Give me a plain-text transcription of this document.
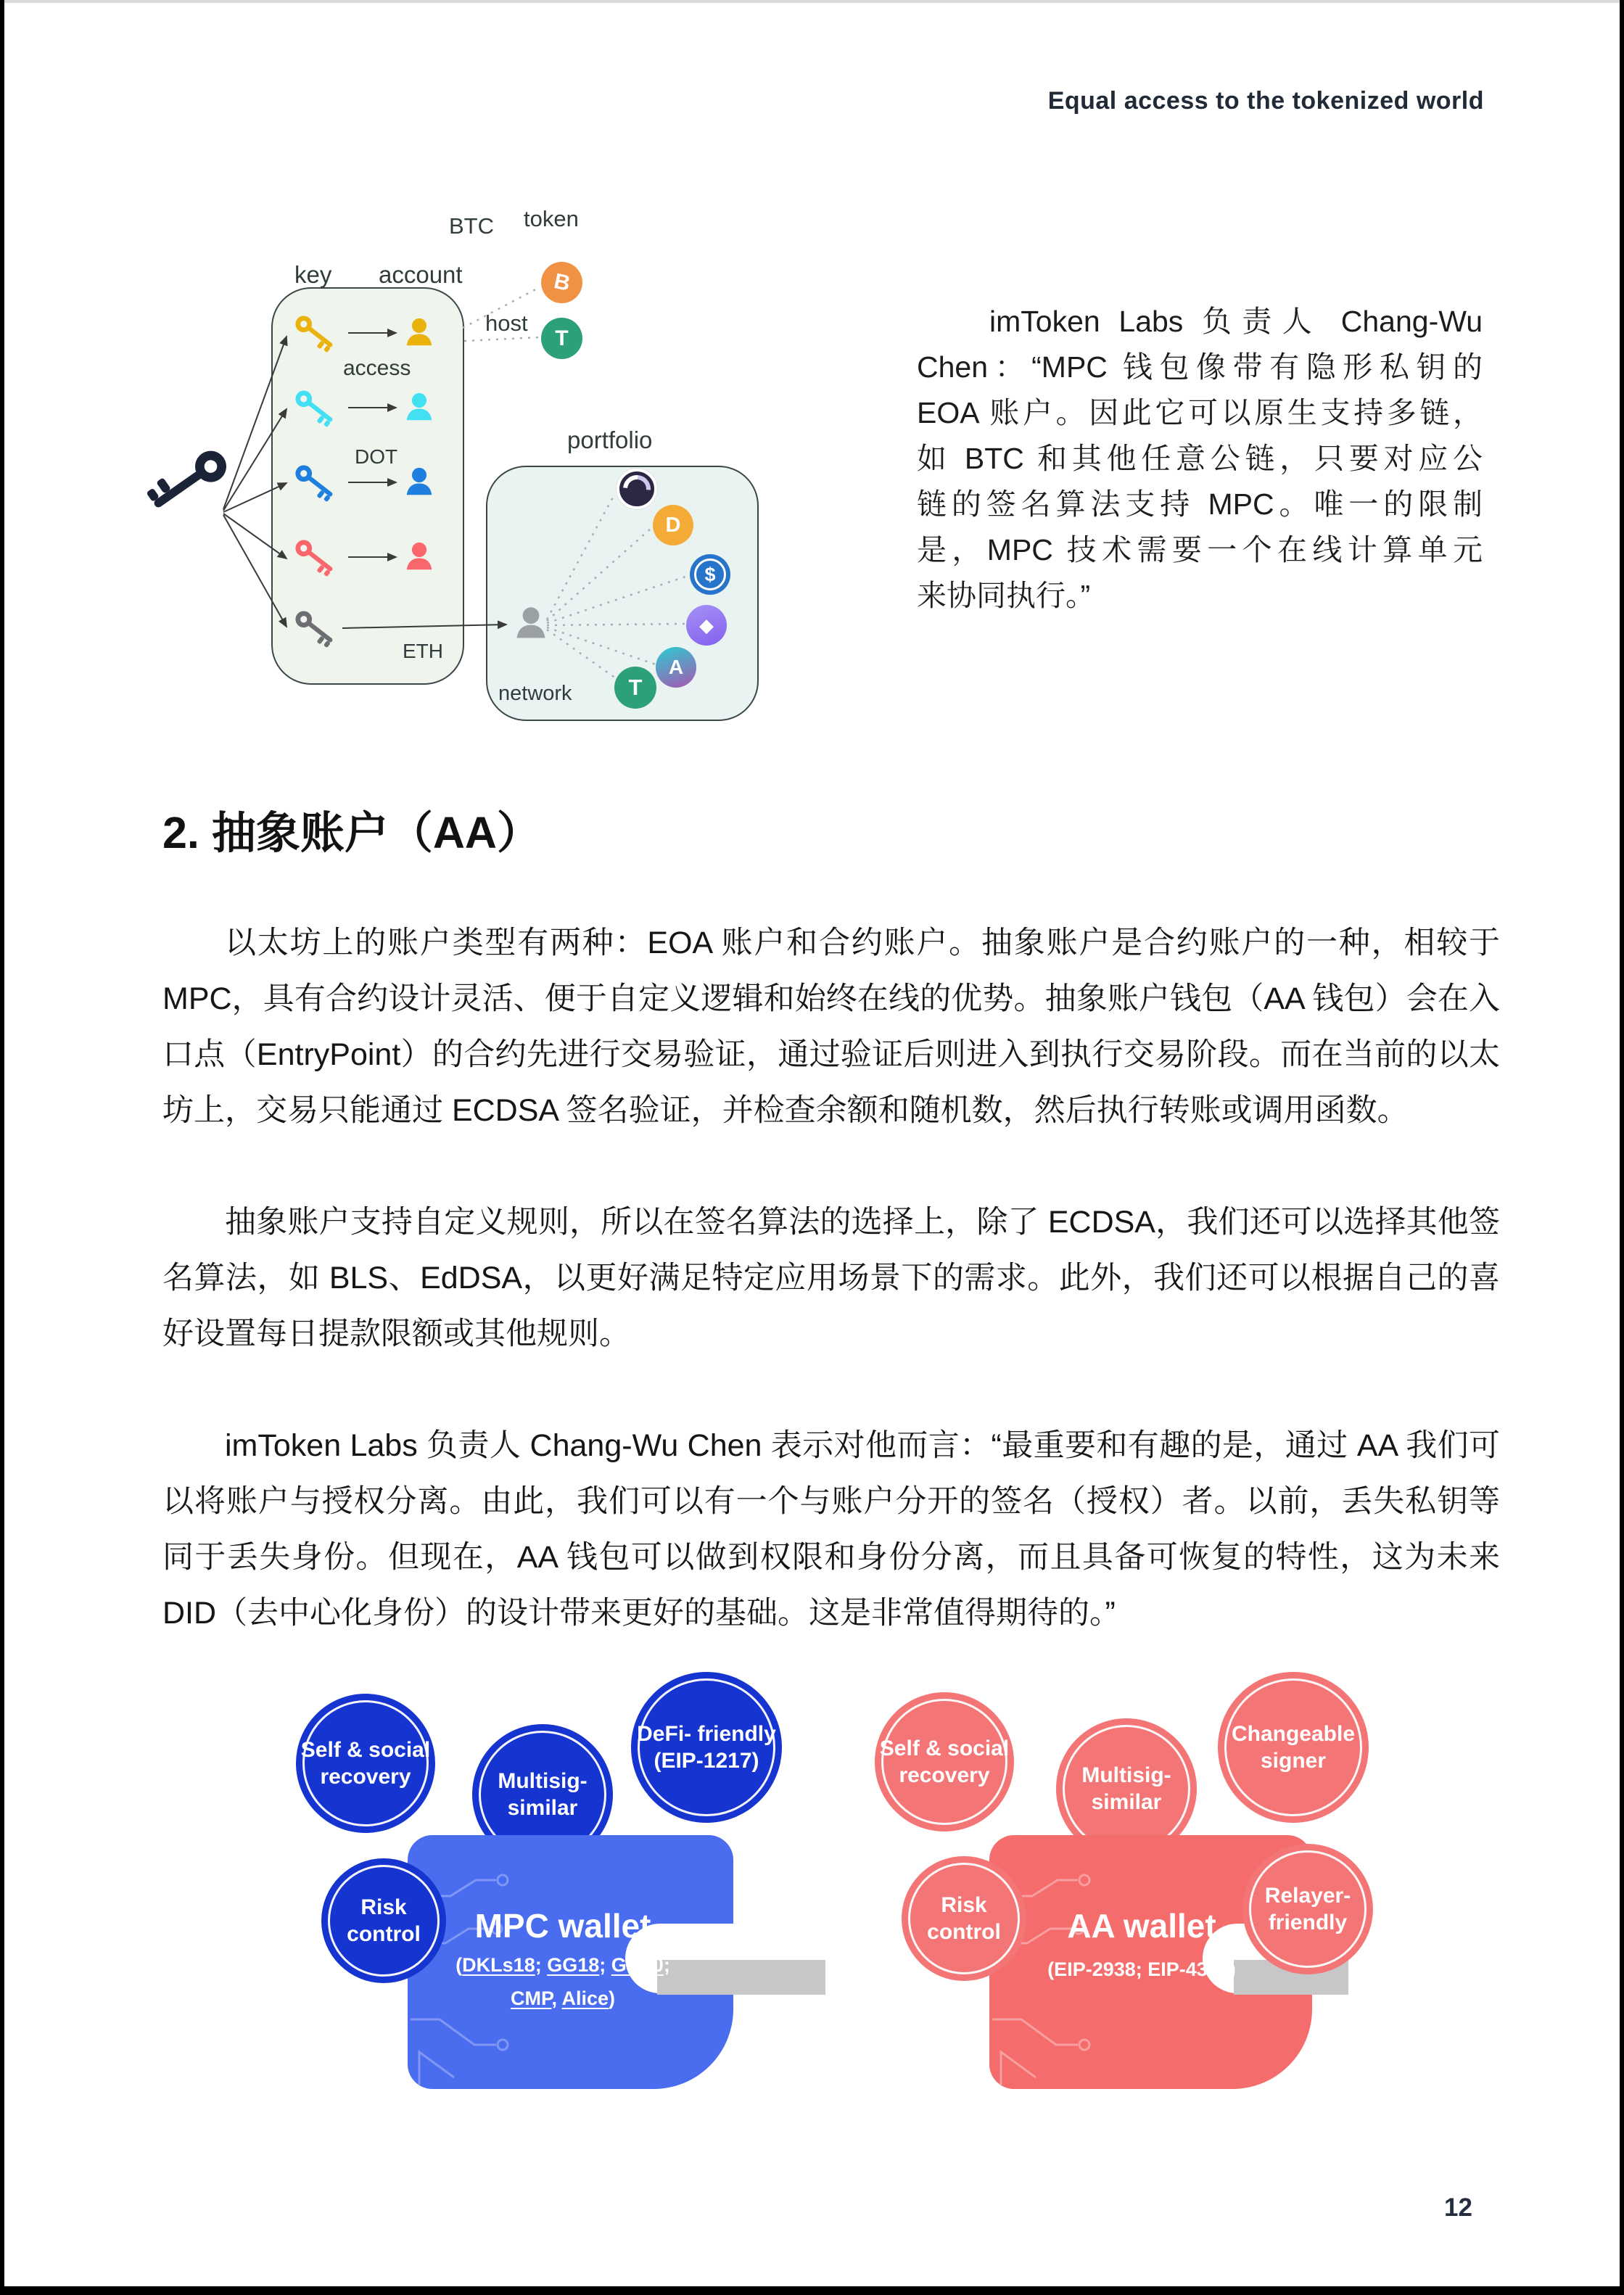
Equal access to the tokenized world
key account
BTC token
host
access
DOT
ETH
portfolio
network
B
T
D
$
◆
A
T
imToken Labs 负责人 Chang-Wu
Chen：“MPC 钱包像带有隐形私钥的
EOA 账户。因此它可以原生支持多链，
如 BTC 和其他任意公链，只要对应公
链的签名算法支持 MPC。唯一的限制
是，MPC 技术需要一个在线计算单元
来协同执行。”
2. 抽象账户（AA）

以太坊上的账户类型有两种：EOA 账户和合约账户。抽象账户是合约账户的一种，相较于 MPC，具有合约设计灵活、便于自定义逻辑和始终在线的优势。抽象账户钱包（AA 钱包）会在入口点（EntryPoint）的合约先进行交易验证，通过验证后则进入到执行交易阶段。而在当前的以太坊上，交易只能通过 ECDSA 签名验证，并检查余额和随机数，然后执行转账或调用函数。

抽象账户支持自定义规则，所以在签名算法的选择上，除了 ECDSA，我们还可以选择其他签名算法，如 BLS、EdDSA，以更好满足特定应用场景下的需求。此外，我们还可以根据自己的喜好设置每日提款限额或其他规则。

imToken Labs 负责人 Chang-Wu Chen 表示对他而言：“最重要和有趣的是，通过 AA 我们可以将账户与授权分离。由此，我们可以有一个与账户分开的签名（授权）者。以前，丢失私钥等同于丢失身份。但现在，AA 钱包可以做到权限和身份分离，而且具备可恢复的特性，这为未来 DID（去中心化身份）的设计带来更好的基础。这是非常值得期待的。”

Multisig-
similar
Self & social
recovery
DeFi- friendly
(EIP-1217)
Risk control	MPC wallet
(DKLs18; GG18; GG20;
CMP, Alice)
Multisig-
similar
Self & social
recovery
Changeable
signer
Risk control
Relayer-
friendly
AA wallet
(EIP-2938; EIP-4337)
12
